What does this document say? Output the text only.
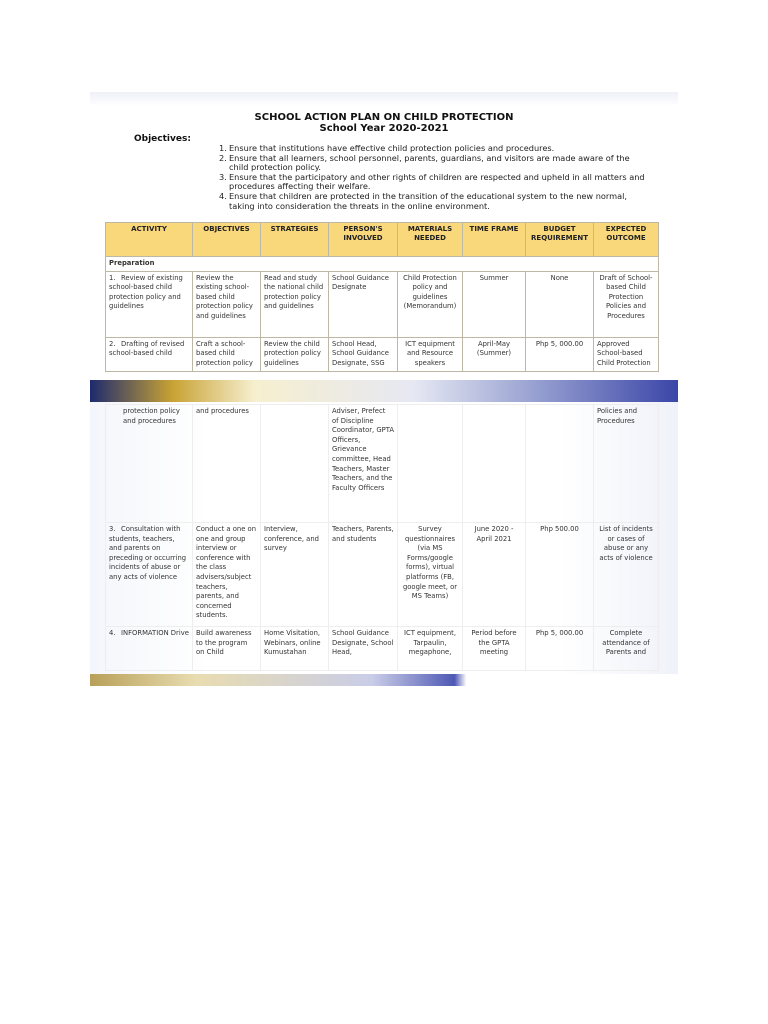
SCHOOL ACTION PLAN ON CHILD PROTECTION
School Year 2020-2021
Objectives:
1. Ensure that institutions have effective child protection policies and procedures.
2. Ensure that all learners, school personnel, parents, guardians, and visitors are made aware of the child protection policy.
3. Ensure that the participatory and other rights of children are respected and upheld in all matters and procedures affecting their welfare.
4. Ensure that children are protected in the transition of the educational system to the new normal, taking into consideration the threats in the online environment.
ACTIVITY	OBJECTIVES	STRATEGIES	PERSON'S INVOLVED	MATERIALS NEEDED	TIME FRAME	BUDGET REQUIREMENT	EXPECTED OUTCOME
Preparation							
1. Review of existing school-based child protection policy and guidelines	Review the existing school-based child protection policy and guidelines	Read and study the national child protection policy and guidelines	School Guidance Designate	Child Protection policy and guidelines (Memorandum)	Summer	None	Draft of School-based Child Protection Policies and Procedures
2. Drafting of revised school-based child	Craft a school-based child protection policy	Review the child protection policy guidelines	School Head, School Guidance Designate, SSG	ICT equipment and Resource speakers	April-May (Summer)	Php 5, 000.00	Approved School-based Child Protection
protection policy and procedures	and procedures		Adviser, Prefect of Discipline Coordinator, GPTA Officers, Grievance committee, Head Teachers, Master Teachers, and the Faculty Officers				Policies and Procedures
3. Consultation with students, teachers, and parents on preceding or occurring incidents of abuse or any acts of violence	Conduct a one on one and group interview or conference with the class advisers/subject teachers, parents, and concerned students.	Interview, conference, and survey	Teachers, Parents, and students	Survey questionnaires (via MS Forms/google forms), virtual platforms (FB, google meet, or MS Teams)	June 2020 - April 2021	Php 500.00	List of incidents or cases of abuse or any acts of violence
4. INFORMATION Drive	Build awareness to the program on Child	Home Visitation, Webinars, online Kumustahan	School Guidance Designate, School Head,	ICT equipment, Tarpaulin, megaphone,	Period before the GPTA meeting	Php 5, 000.00	Complete attendance of Parents and
